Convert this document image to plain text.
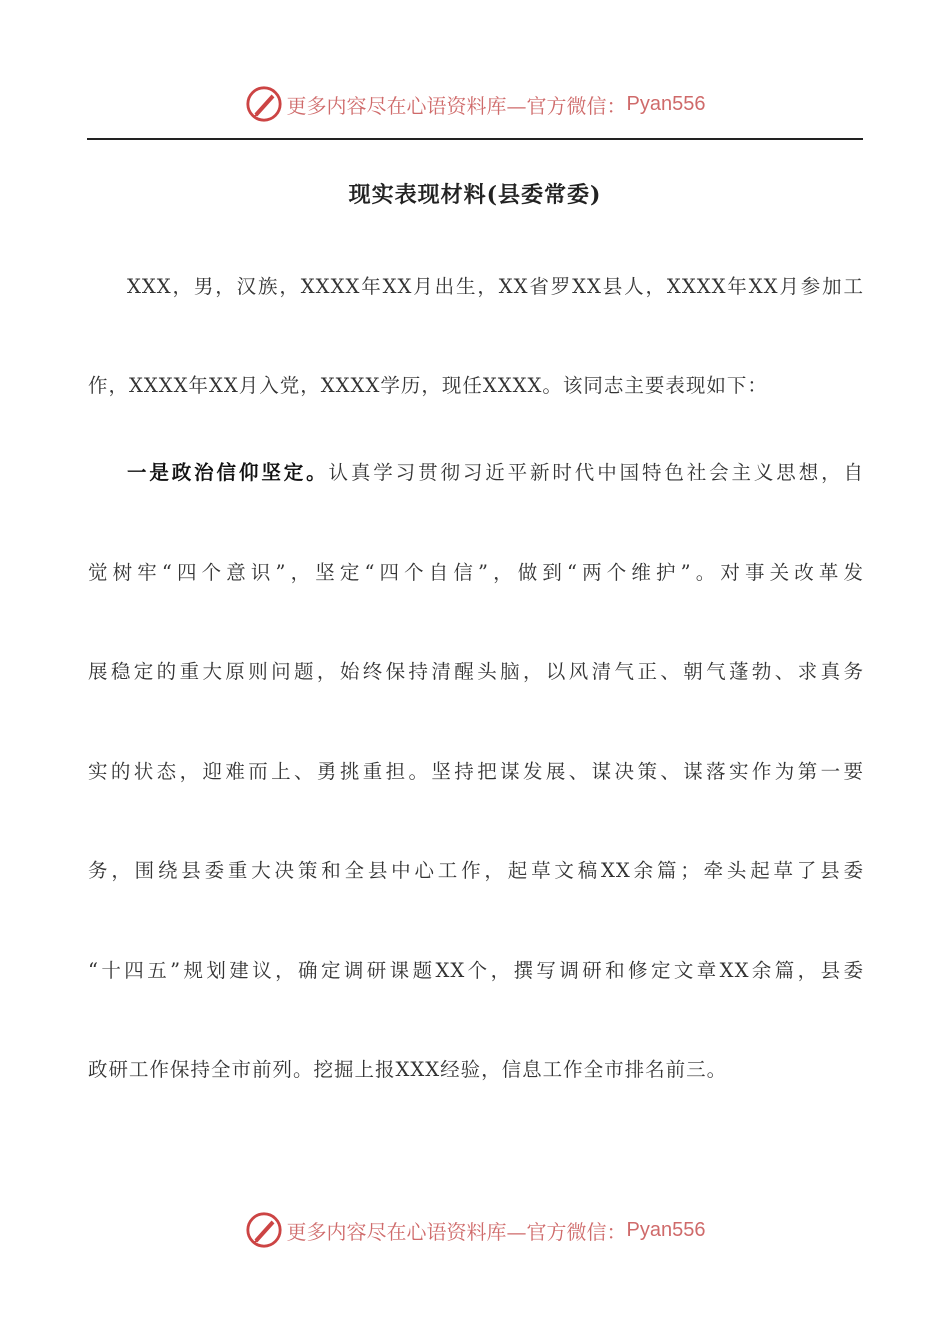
更多内容尽在心语资料库—官方微信： Pyan556
现实表现材料(县委常委)
XXX，男，汉族，XXXX年XX月出生，XX省罗XX县人，XXXX年XX月参加工
作，XXXX年XX月入党，XXXX学历，现任XXXX。该同志主要表现如下：
一是政治信仰坚定。认真学习贯彻习近平新时代中国特色社会主义思想，自
觉树牢“四个意识”，坚定“四个自信”，做到“两个维护”。对事关改革发
展稳定的重大原则问题，始终保持清醒头脑，以风清气正、朝气蓬勃、求真务
实的状态，迎难而上、勇挑重担。坚持把谋发展、谋决策、谋落实作为第一要
务，围绕县委重大决策和全县中心工作，起草文稿XX余篇；牵头起草了县委
“十四五”规划建议，确定调研课题XX个，撰写调研和修定文章XX余篇，县委
政研工作保持全市前列。挖掘上报XXX经验，信息工作全市排名前三。
更多内容尽在心语资料库—官方微信： Pyan556
